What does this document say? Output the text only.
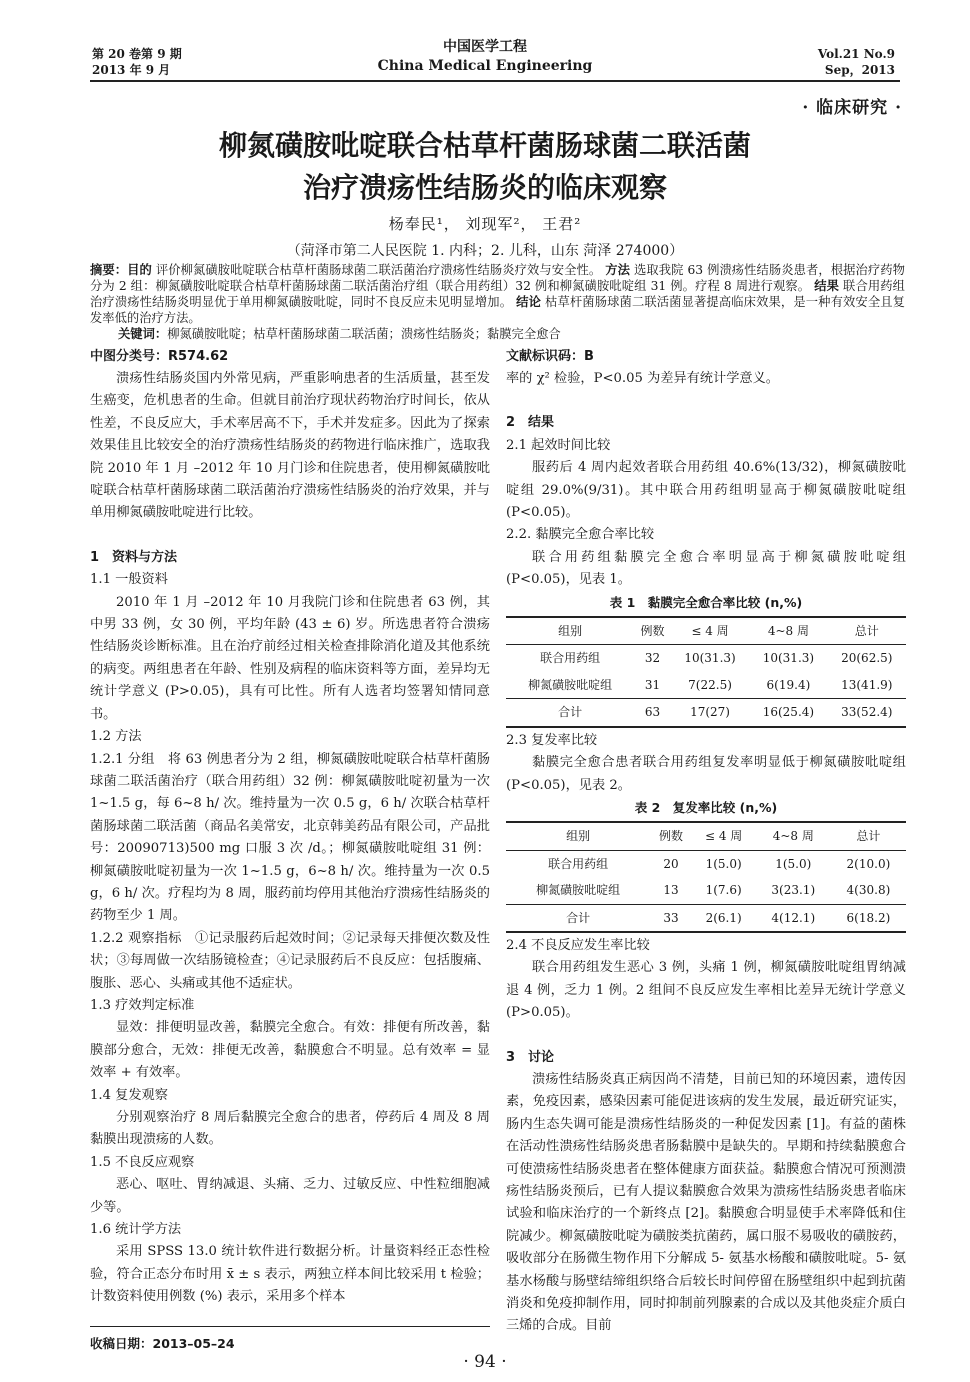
第 20 卷第 9 期
2013 年 9 月
中国医学工程
China Medical Engineering
Vol.21 No.9
Sep，2013
· 临床研究 ·
柳氮磺胺吡啶联合枯草杆菌肠球菌二联活菌
治疗溃疡性结肠炎的临床观察
杨奉民¹， 刘现军²， 王君²
（菏泽市第二人民医院 1. 内科；2. 儿科，山东 菏泽 274000）
摘要：目的 评价柳氮磺胺吡啶联合枯草杆菌肠球菌二联活菌治疗溃疡性结肠炎疗效与安全性。 方法 选取我院 63 例溃疡性结肠炎患者，根据治疗药物分为 2 组：柳氮磺胺吡啶联合枯草杆菌肠球菌二联活菌治疗组（联合用药组）32 例和柳氮磺胺吡啶组 31 例。疗程 8 周进行观察。 结果 联合用药组治疗溃疡性结肠炎明显优于单用柳氮磺胺吡啶，同时不良反应未见明显增加。 结论 枯草杆菌肠球菌二联活菌显著提高临床效果，是一种有效安全且复发率低的治疗方法。
关键词：柳氮磺胺吡啶；枯草杆菌肠球菌二联活菌；溃疡性结肠炎；黏膜完全愈合
中图分类号：R574.62	文献标识码：B

溃疡性结肠炎国内外常见病，严重影响患者的生活质量，甚至发生癌变，危机患者的生命。但就目前治疗现状药物治疗时间长，依从性差，不良反应大，手术率居高不下，手术并发症多。因此为了探索效果佳且比较安全的治疗溃疡性结肠炎的药物进行临床推广，选取我院 2010 年 1 月 –2012 年 10 月门诊和住院患者，使用柳氮磺胺吡啶联合枯草杆菌肠球菌二联活菌治疗溃疡性结肠炎的治疗效果，并与单用柳氮磺胺吡啶进行比较。

1　资料与方法

1.1 一般资料

2010 年 1 月 –2012 年 10 月我院门诊和住院患者 63 例，其中男 33 例，女 30 例，平均年龄 (43 ± 6) 岁。所选患者符合溃疡性结肠炎诊断标准。且在治疗前经过相关检查排除消化道及其他系统的病变。两组患者在年龄、性别及病程的临床资料等方面，差异均无统计学意义 (P>0.05)，具有可比性。所有人选者均签署知情同意书。

1.2 方法

1.2.1 分组　将 63 例患者分为 2 组，柳氮磺胺吡啶联合枯草杆菌肠球菌二联活菌治疗（联合用药组）32 例：柳氮磺胺吡啶初量为一次 1~1.5 g，每 6~8 h/ 次。维持量为一次 0.5 g，6 h/ 次联合枯草杆菌肠球菌二联活菌（商品名美常安，北京韩美药品有限公司，产品批号：20090713)500 mg 口服 3 次 /d。；柳氮磺胺吡啶组 31 例：柳氮磺胺吡啶初量为一次 1~1.5 g，6~8 h/ 次。维持量为一次 0.5 g，6 h/ 次。疗程均为 8 周，服药前均停用其他治疗溃疡性结肠炎的药物至少 1 周。

1.2.2 观察指标　①记录服药后起效时间；②记录每天排便次数及性状；③每周做一次结肠镜检查；④记录服药后不良反应：包括腹痛、腹胀、恶心、头痛或其他不适症状。

1.3 疗效判定标准

显效：排便明显改善，黏膜完全愈合。有效：排便有所改善，黏膜部分愈合，无效：排便无改善，黏膜愈合不明显。总有效率 = 显效率 + 有效率。

1.4 复发观察

分别观察治疗 8 周后黏膜完全愈合的患者，停药后 4 周及 8 周黏膜出现溃疡的人数。

1.5 不良反应观察

恶心、呕吐、胃纳减退、头痛、乏力、过敏反应、中性粒细胞减少等。

1.6 统计学方法

采用 SPSS 13.0 统计软件进行数据分析。计量资料经正态性检验，符合正态分布时用 x̄ ± s 表示，两独立样本间比较采用 t 检验；计数资料使用例数 (%) 表示，采用多个样本

率的 χ² 检验，P<0.05 为差异有统计学意义。

2　结果

2.1 起效时间比较

服药后 4 周内起效者联合用药组 40.6%(13/32)，柳氮磺胺吡啶组 29.0%(9/31)。其中联合用药组明显高于柳氮磺胺吡啶组 (P<0.05)。

2.2. 黏膜完全愈合率比较

联合用药组黏膜完全愈合率明显高于柳氮磺胺吡啶组 (P<0.05)，见表 1。

表 1　黏膜完全愈合率比较 (n,%)
组别	例数	≤ 4 周	4~8 周	总计
联合用药组	32	10(31.3)	10(31.3)	20(62.5)
柳氮磺胺吡啶组	31	7(22.5)	6(19.4)	13(41.9)
合计	63	17(27)	16(25.4)	33(52.4)

2.3 复发率比较

黏膜完全愈合患者联合用药组复发率明显低于柳氮磺胺吡啶组 (P<0.05)，见表 2。

表 2　复发率比较 (n,%)
组别	例数	≤ 4 周	4~8 周	总计
联合用药组	20	1(5.0)	1(5.0)	2(10.0)
柳氮磺胺吡啶组	13	1(7.6)	3(23.1)	4(30.8)
合计	33	2(6.1)	4(12.1)	6(18.2)

2.4 不良反应发生率比较

联合用药组发生恶心 3 例，头痛 1 例，柳氮磺胺吡啶组胃纳减退 4 例，乏力 1 例。2 组间不良反应发生率相比差异无统计学意义 (P>0.05)。

3　讨论

溃疡性结肠炎真正病因尚不清楚，目前已知的环境因素，遗传因素，免疫因素，感染因素可能促进该病的发生发展，最近研究证实，肠内生态失调可能是溃疡性结肠炎的一种促发因素 [1]。有益的菌株在活动性溃疡性结肠炎患者肠黏膜中是缺失的。早期和持续黏膜愈合可使溃疡性结肠炎患者在整体健康方面获益。黏膜愈合情况可预测溃疡性结肠炎预后，已有人提议黏膜愈合效果为溃疡性结肠炎患者临床试验和临床治疗的一个新终点 [2]。黏膜愈合明显使手术率降低和住院减少。柳氮磺胺吡啶为磺胺类抗菌药，属口服不易吸收的磺胺药，吸收部分在肠微生物作用下分解成 5- 氨基水杨酸和磺胺吡啶。5- 氨基水杨酸与肠壁结缔组织络合后较长时间停留在肠壁组织中起到抗菌消炎和免疫抑制作用，同时抑制前列腺素的合成以及其他炎症介质白三烯的合成。目前

收稿日期：2013–05–24
· 94 ·
